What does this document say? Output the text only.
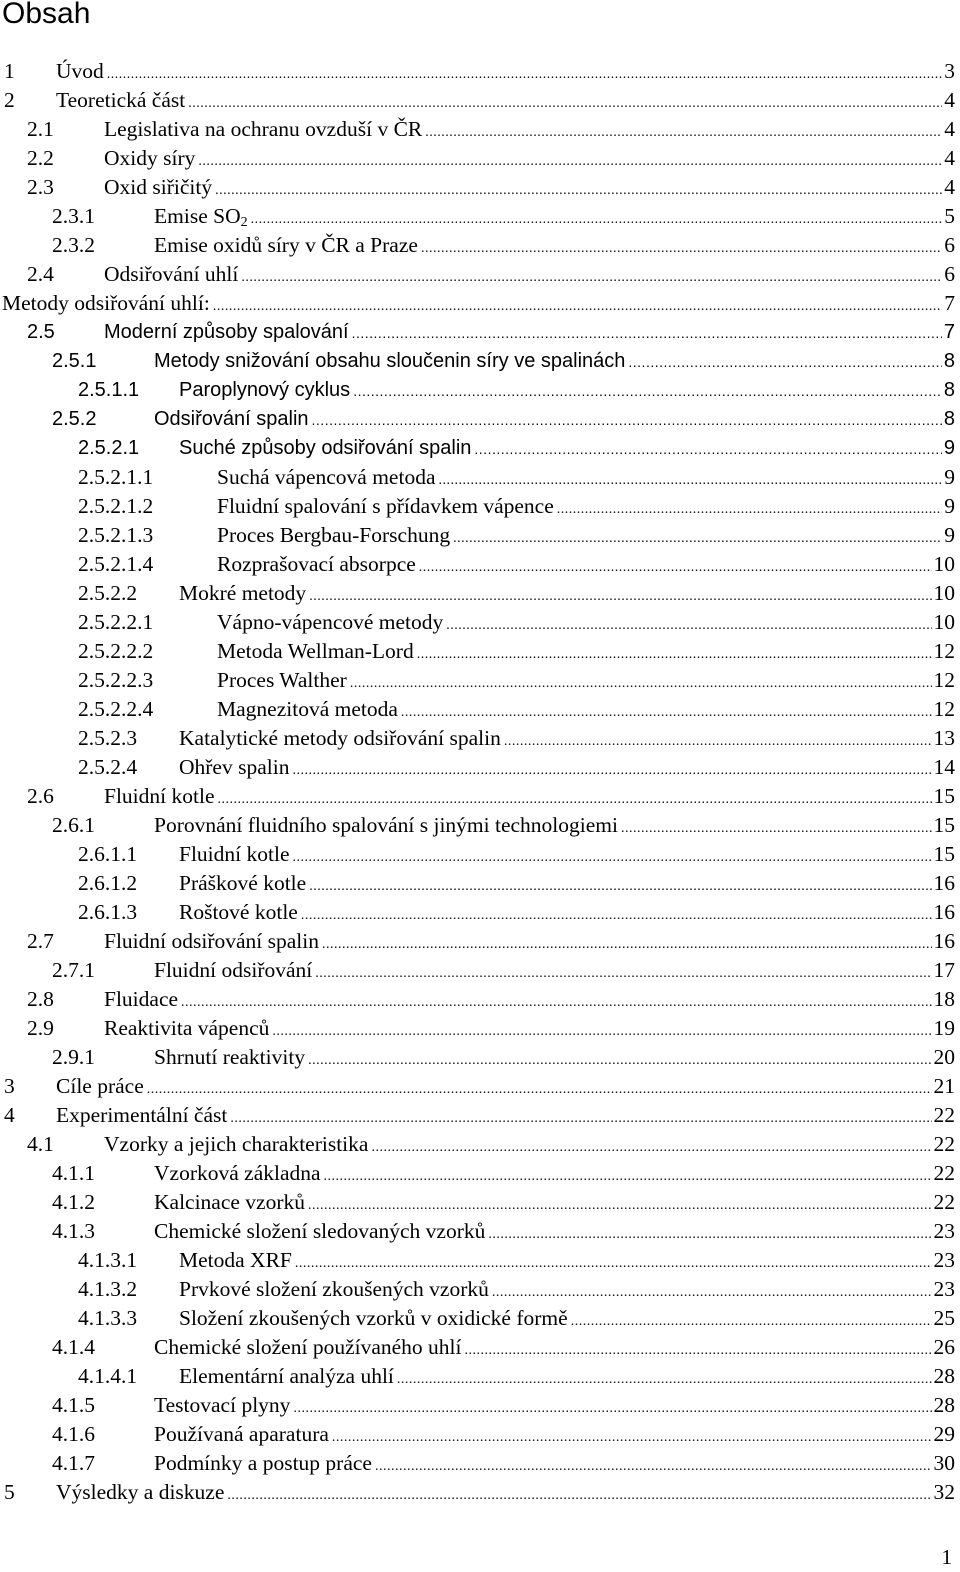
Obsah
1	Úvod .....	3
2	Teoretická část .....	4
2.1	Legislativa na ochranu ovzduší v ČR .....	4
2.2	Oxidy síry .....	4
2.3	Oxid siřičitý .....	4
2.3.1	Emise $SO_2$ .....	5
2.3.2	Emise oxidů síry v ČR a Praze .....	6
2.4	Odsiřování uhlí .....	6
Metody odsiřování uhlí: .....	7
2.5	Moderní způsoby spalování .....	7
2.5.1	Metody snižování obsahu sloučenin síry ve spalinách .....	8
2.5.1.1	Paroplynový cyklus .....	8
2.5.2	Odsiřování spalin .....	8
2.5.2.1	Suché způsoby odsiřování spalin .....	9
2.5.2.1.1	Suchá vápencová metoda .....	9
2.5.2.1.2	Fluidní spalování s přídavkem vápence .....	9
2.5.2.1.3	Proces Bergbau-Forschung .....	9
2.5.2.1.4	Rozprašovací absorpce .....	10
2.5.2.2	Mokré metody .....	10
2.5.2.2.1	Vápno-vápencové metody .....	10
2.5.2.2.2	Metoda Wellman-Lord .....	12
2.5.2.2.3	Proces Walther .....	12
2.5.2.2.4	Magnezitová metoda .....	12
2.5.2.3	Katalytické metody odsiřování spalin .....	13
2.5.2.4	Ohřev spalin .....	14
2.6	Fluidní kotle .....	15
2.6.1	Porovnání fluidního spalování s jinými technologiemi .....	15
2.6.1.1	Fluidní kotle .....	15
2.6.1.2	Práškové kotle .....	16
2.6.1.3	Roštové kotle .....	16
2.7	Fluidní odsiřování spalin .....	16
2.7.1	Fluidní odsiřování .....	17
2.8	Fluidace .....	18
2.9	Reaktivita vápenců .....	19
2.9.1	Shrnutí reaktivity .....	20
3	Cíle práce .....	21
4	Experimentální část .....	22
4.1	Vzorky a jejich charakteristika .....	22
4.1.1	Vzorková základna .....	22
4.1.2	Kalcinace vzorků .....	22
4.1.3	Chemické složení sledovaných vzorků .....	23
4.1.3.1	Metoda XRF .....	23
4.1.3.2	Prvkové složení zkoušených vzorků .....	23
4.1.3.3	Složení zkoušených vzorků v oxidické formě .....	25
4.1.4	Chemické složení používaného uhlí .....	26
4.1.4.1	Elementární analýza uhlí .....	28
4.1.5	Testovací plyny .....	28
4.1.6	Používaná aparatura .....	29
4.1.7	Podmínky a postup práce .....	30
5	Výsledky a diskuze .....	32
1
